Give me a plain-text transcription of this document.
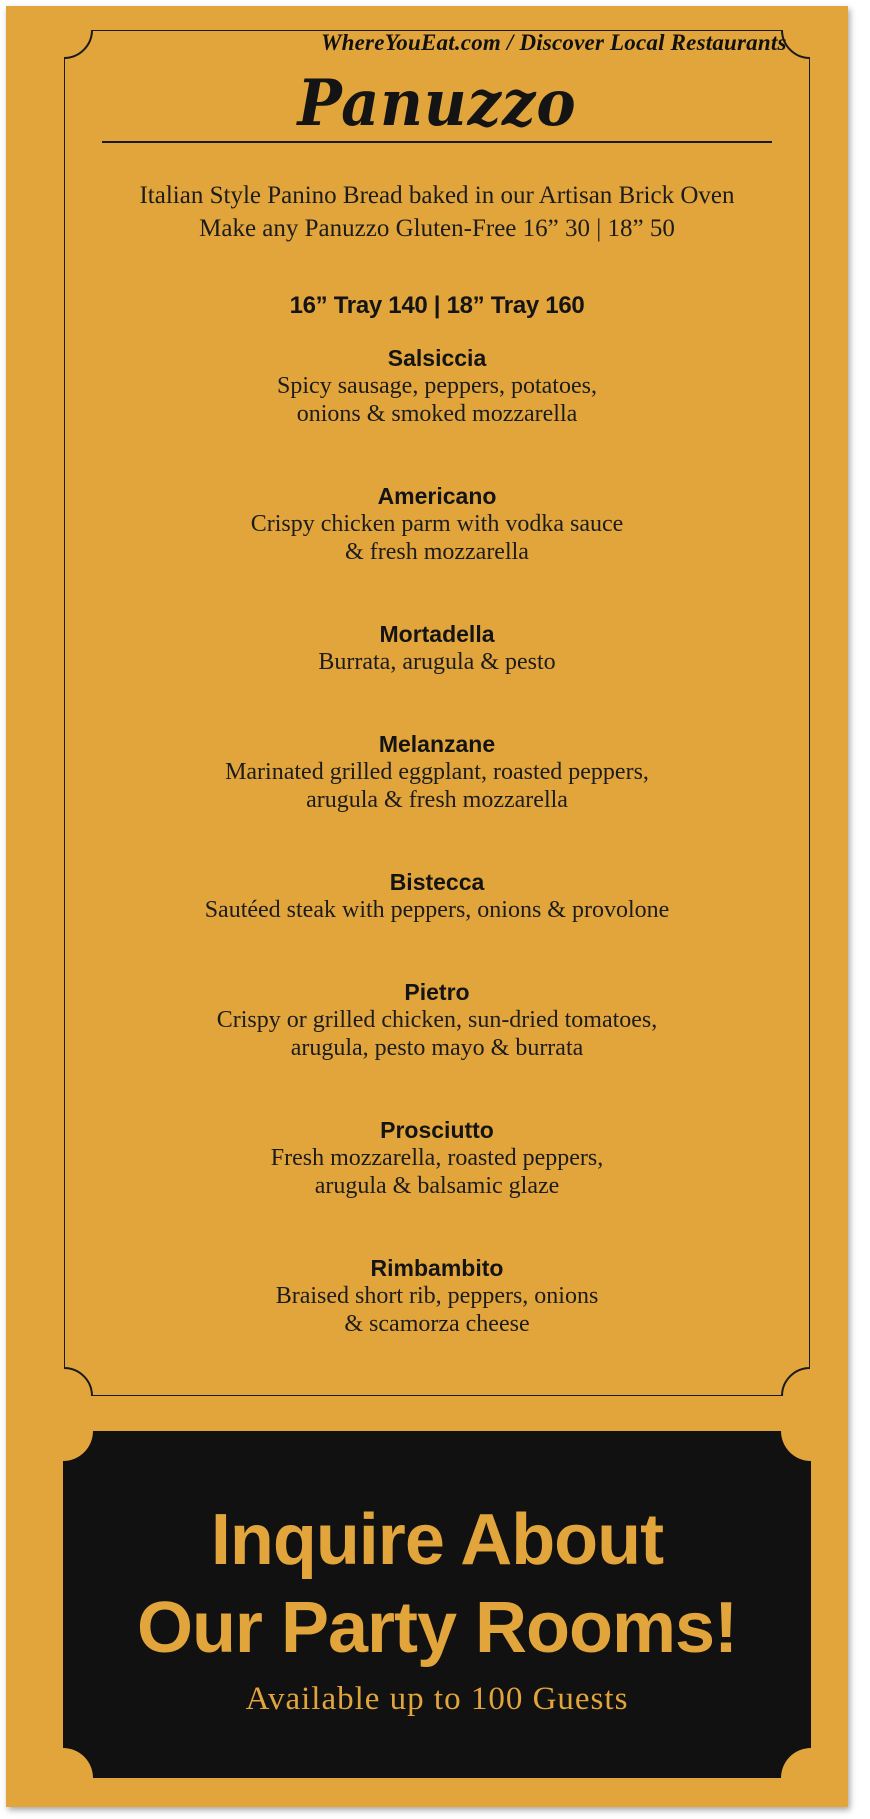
Panuzzo
Italian Style Panino Bread baked in our Artisan Brick Oven
Make any Panuzzo Gluten-Free 16” 30 | 18” 50
16” Tray 140 | 18” Tray 160
Salsiccia
Spicy sausage, peppers, potatoes,
onions & smoked mozzarella
Americano
Crispy chicken parm with vodka sauce
& fresh mozzarella
Mortadella
Burrata, arugula & pesto
Melanzane
Marinated grilled eggplant, roasted peppers,
arugula & fresh mozzarella
Bistecca
Sautéed steak with peppers, onions & provolone
Pietro
Crispy or grilled chicken, sun-dried tomatoes,
arugula, pesto mayo & burrata
Prosciutto
Fresh mozzarella, roasted peppers,
arugula & balsamic glaze
Rimbambito
Braised short rib, peppers, onions
& scamorza cheese
Inquire About
Our Party Rooms!
Available up to 100 Guests
WhereYouEat.com / Discover Local Restaurants
